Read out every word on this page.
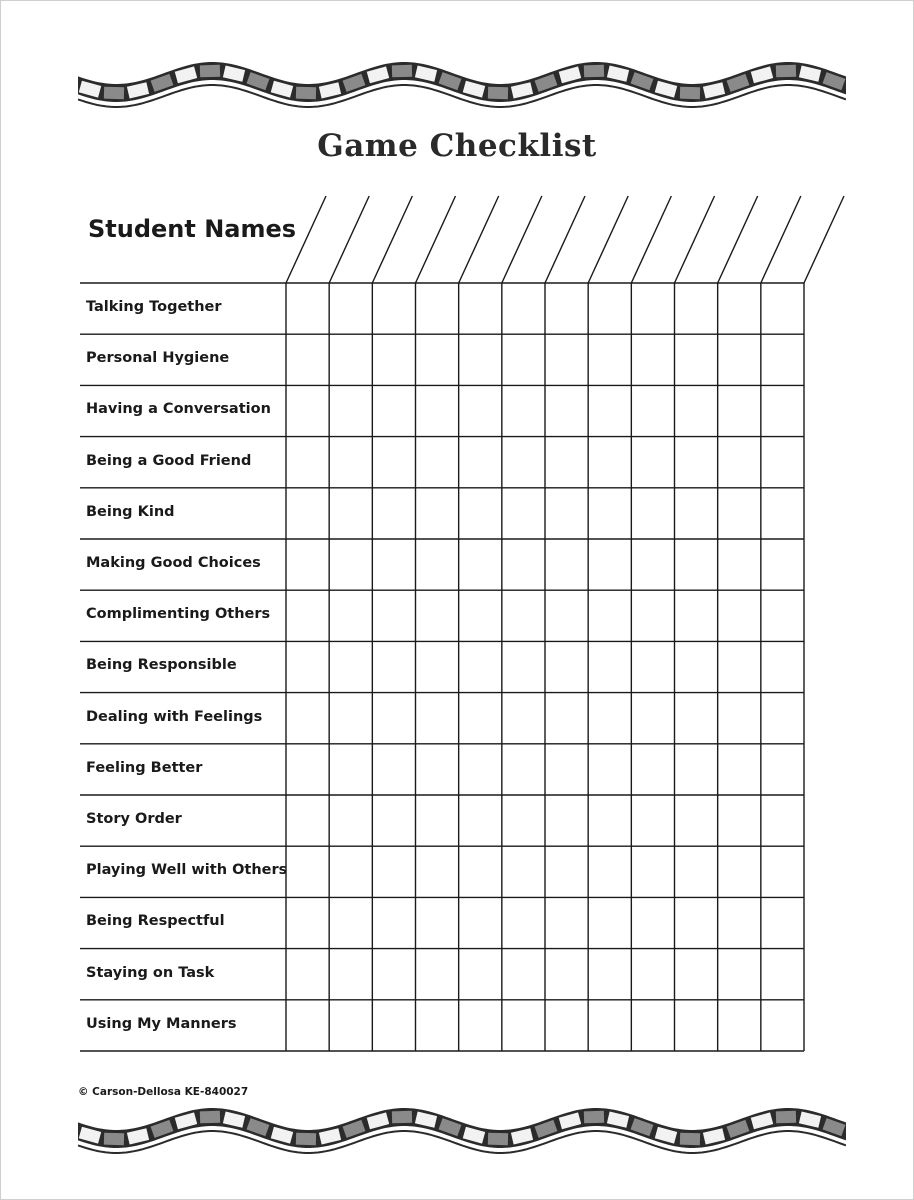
Game Checklist
Student Names
Talking Together
Personal Hygiene
Having a Conversation
Being a Good Friend
Being Kind
Making Good Choices
Complimenting Others
Being Responsible
Dealing with Feelings
Feeling Better
Story Order
Playing Well with Others
Being Respectful
Staying on Task
Using My Manners
© Carson-Dellosa KE-840027
